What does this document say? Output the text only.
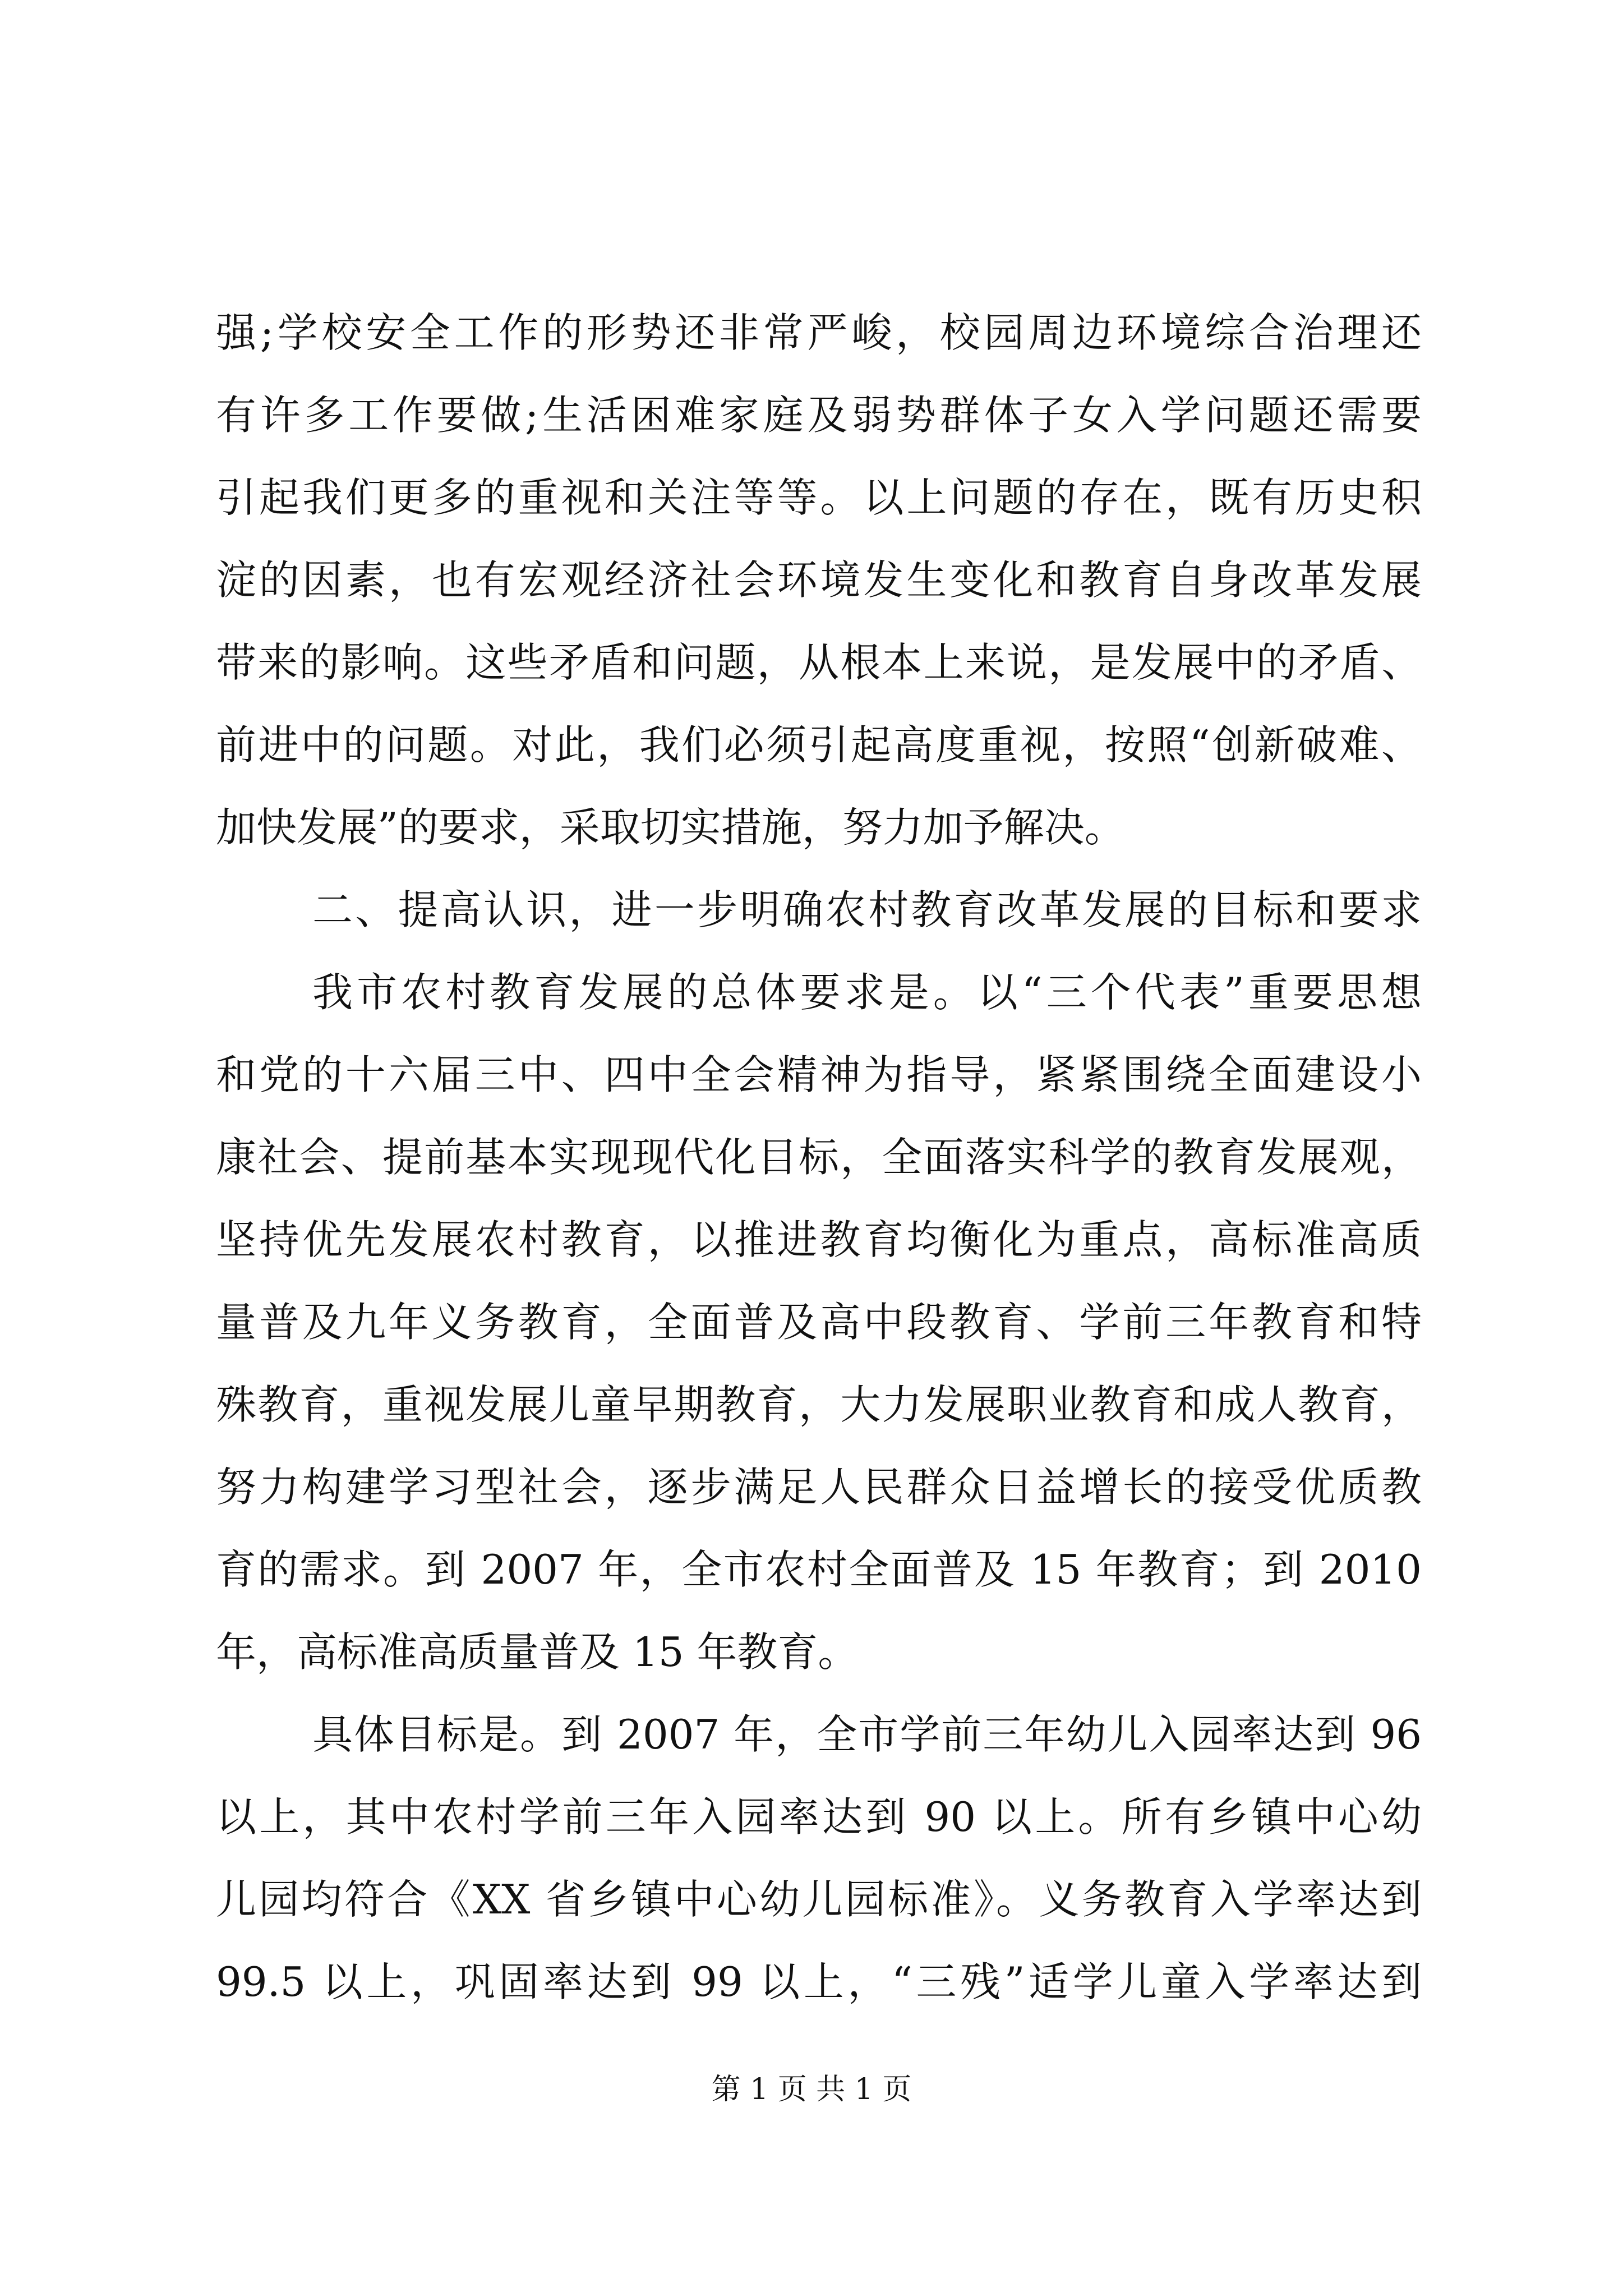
强;学校安全工作的形势还非常严峻，校园周边环境综合治理还
有许多工作要做;生活困难家庭及弱势群体子女入学问题还需要
引起我们更多的重视和关注等等。以上问题的存在，既有历史积
淀的因素，也有宏观经济社会环境发生变化和教育自身改革发展
带来的影响。这些矛盾和问题，从根本上来说，是发展中的矛盾、
前进中的问题。对此，我们必须引起高度重视，按照“创新破难、
加快发展”的要求，采取切实措施，努力加予解决。
二、提高认识，进一步明确农村教育改革发展的目标和要求
我市农村教育发展的总体要求是。以“三个代表”重要思想
和党的十六届三中、四中全会精神为指导，紧紧围绕全面建设小
康社会、提前基本实现现代化目标，全面落实科学的教育发展观，
坚持优先发展农村教育，以推进教育均衡化为重点，高标准高质
量普及九年义务教育，全面普及高中段教育、学前三年教育和特
殊教育，重视发展儿童早期教育，大力发展职业教育和成人教育，
努力构建学习型社会，逐步满足人民群众日益增长的接受优质教
育的需求。到 2007 年，全市农村全面普及 15 年教育；到 2010
年，高标准高质量普及 15 年教育。
具体目标是。到 2007 年，全市学前三年幼儿入园率达到 96
以上，其中农村学前三年入园率达到 90 以上。所有乡镇中心幼
儿园均符合《XX 省乡镇中心幼儿园标准》。义务教育入学率达到
99.5 以上，巩固率达到 99 以上，“三残”适学儿童入学率达到
第 1 页 共 1 页
